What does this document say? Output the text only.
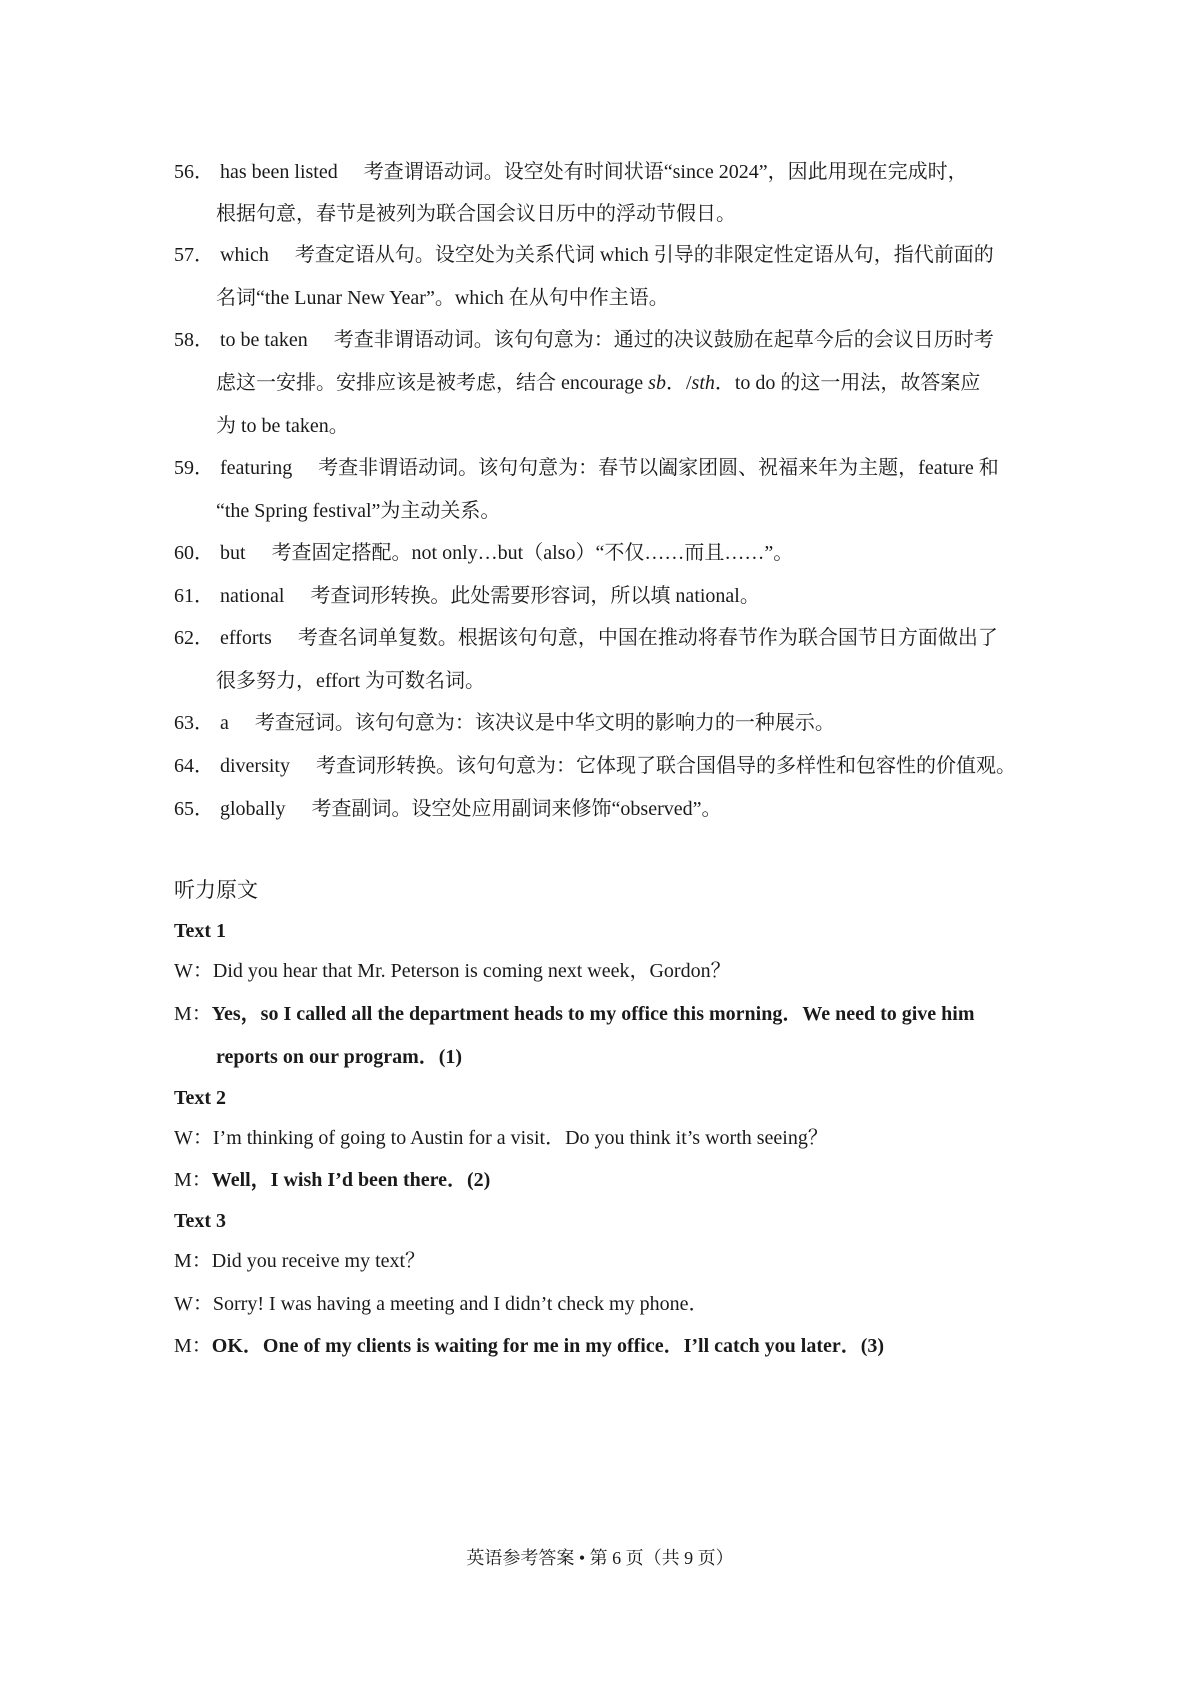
56． has been listed 考查谓语动词。设空处有时间状语“since 2024”，因此用现在完成时，
根据句意，春节是被列为联合国会议日历中的浮动节假日。
57． which 考查定语从句。设空处为关系代词 which 引导的非限定性定语从句，指代前面的
名词“the Lunar New Year”。which 在从句中作主语。
58． to be taken 考查非谓语动词。该句句意为：通过的决议鼓励在起草今后的会议日历时考
虑这一安排。安排应该是被考虑，结合 encourage sb．/sth．to do 的这一用法，故答案应
为 to be taken。
59． featuring 考查非谓语动词。该句句意为：春节以阖家团圆、祝福来年为主题，feature 和
“the Spring festival”为主动关系。
60． but 考查固定搭配。not only…but（also）“不仅……而且……”。
61． national 考查词形转换。此处需要形容词，所以填 national。
62． efforts 考查名词单复数。根据该句句意，中国在推动将春节作为联合国节日方面做出了
很多努力，effort 为可数名词。
63． a 考查冠词。该句句意为：该决议是中华文明的影响力的一种展示。
64． diversity 考查词形转换。该句句意为：它体现了联合国倡导的多样性和包容性的价值观。
65． globally 考查副词。设空处应用副词来修饰“observed”。
听力原文
Text 1
W：Did you hear that Mr. Peterson is coming next week，Gordon？
M：Yes，so I called all the department heads to my office this morning．We need to give him
reports on our program．(1)
Text 2
W：I’m thinking of going to Austin for a visit．Do you think it’s worth seeing？
M：Well，I wish I’d been there．(2)
Text 3
M：Did you receive my text？
W：Sorry! I was having a meeting and I didn’t check my phone．
M：OK．One of my clients is waiting for me in my office．I’ll catch you later．(3)
英语参考答案 • 第 6 页（共 9 页）
